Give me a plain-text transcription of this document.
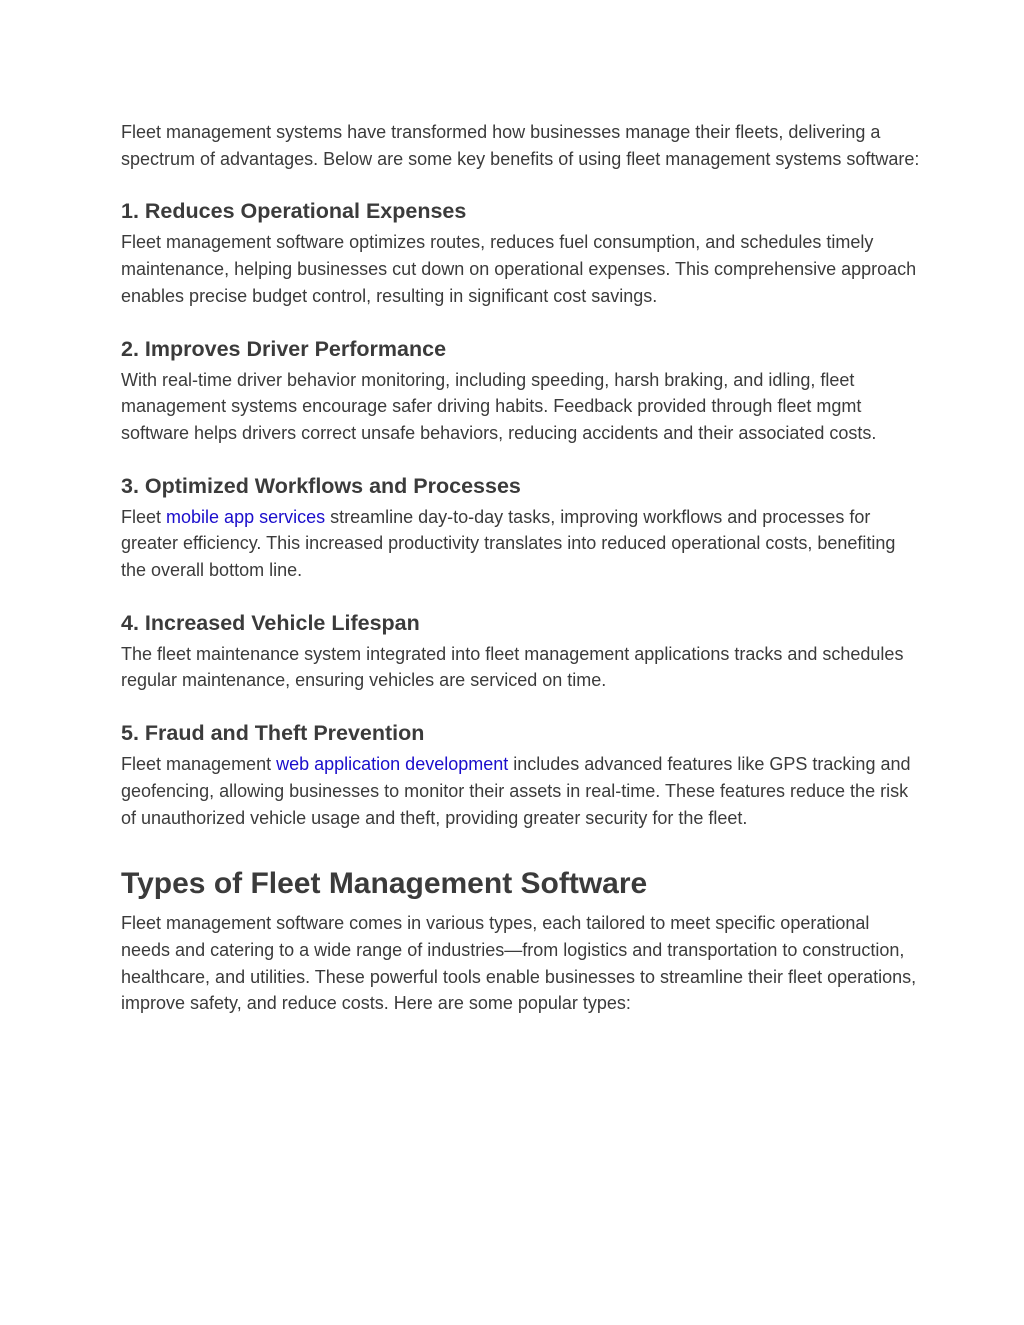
Fleet management systems have transformed how businesses manage their fleets, delivering a spectrum of advantages. Below are some key benefits of using fleet management systems software:

1. Reduces Operational Expenses

Fleet management software optimizes routes, reduces fuel consumption, and schedules timely maintenance, helping businesses cut down on operational expenses. This comprehensive approach enables precise budget control, resulting in significant cost savings.

2. Improves Driver Performance

With real-time driver behavior monitoring, including speeding, harsh braking, and idling, fleet management systems encourage safer driving habits. Feedback provided through fleet mgmt software helps drivers correct unsafe behaviors, reducing accidents and their associated costs.

3. Optimized Workflows and Processes

Fleet mobile app services streamline day-to-day tasks, improving workflows and processes for greater efficiency. This increased productivity translates into reduced operational costs, benefiting the overall bottom line.

4. Increased Vehicle Lifespan

The fleet maintenance system integrated into fleet management applications tracks and schedules regular maintenance, ensuring vehicles are serviced on time.

5. Fraud and Theft Prevention

Fleet management web application development includes advanced features like GPS tracking and geofencing, allowing businesses to monitor their assets in real-time. These features reduce the risk of unauthorized vehicle usage and theft, providing greater security for the fleet.

Types of Fleet Management Software

Fleet management software comes in various types, each tailored to meet specific operational needs and catering to a wide range of industries—from logistics and transportation to construction, healthcare, and utilities. These powerful tools enable businesses to streamline their fleet operations, improve safety, and reduce costs. Here are some popular types:
